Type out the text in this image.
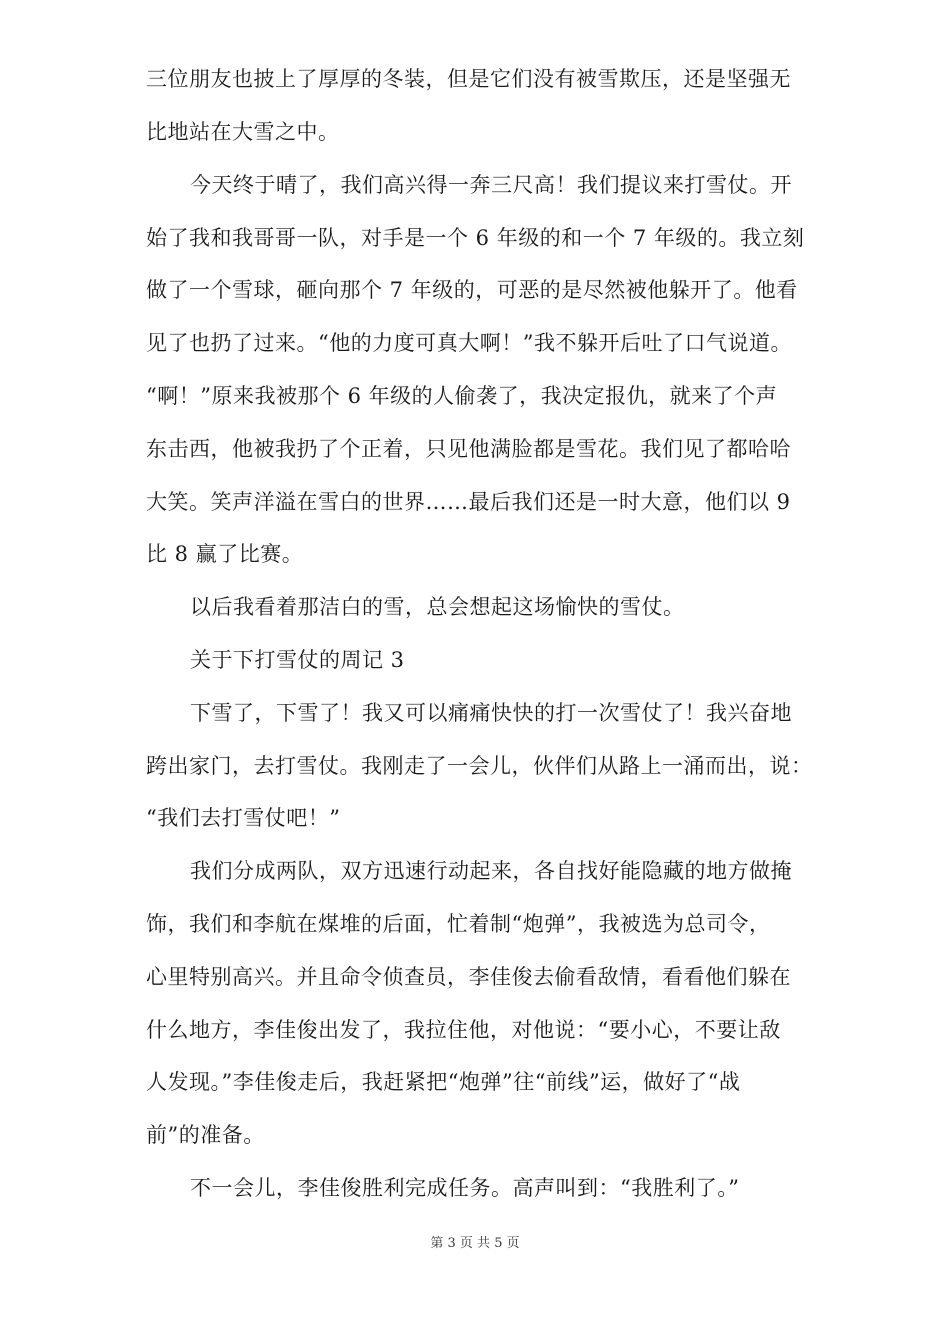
三位朋友也披上了厚厚的冬装，但是它们没有被雪欺压，还是坚强无
比地站在大雪之中。
今天终于晴了，我们高兴得一奔三尺高！我们提议来打雪仗。开
始了我和我哥哥一队，对手是一个 6 年级的和一个 7 年级的。我立刻
做了一个雪球，砸向那个 7 年级的，可恶的是尽然被他躲开了。他看
见了也扔了过来。“他的力度可真大啊！”我不躲开后吐了口气说道。
“啊！”原来我被那个 6 年级的人偷袭了，我决定报仇，就来了个声
东击西，他被我扔了个正着，只见他满脸都是雪花。我们见了都哈哈
大笑。笑声洋溢在雪白的世界……最后我们还是一时大意，他们以 9
比 8 赢了比赛。
以后我看着那洁白的雪，总会想起这场愉快的雪仗。
关于下打雪仗的周记 3
下雪了，下雪了！我又可以痛痛快快的打一次雪仗了！我兴奋地
跨出家门，去打雪仗。我刚走了一会儿，伙伴们从路上一涌而出，说：
“我们去打雪仗吧！”
我们分成两队，双方迅速行动起来，各自找好能隐藏的地方做掩
饰，我们和李航在煤堆的后面，忙着制“炮弹”，我被选为总司令，
心里特别高兴。并且命令侦查员，李佳俊去偷看敌情，看看他们躲在
什么地方，李佳俊出发了，我拉住他，对他说：“要小心，不要让敌
人发现。”李佳俊走后，我赶紧把“炮弹”往“前线”运，做好了“战
前”的准备。
不一会儿，李佳俊胜利完成任务。高声叫到：“我胜利了。”
第 3 页 共 5 页
